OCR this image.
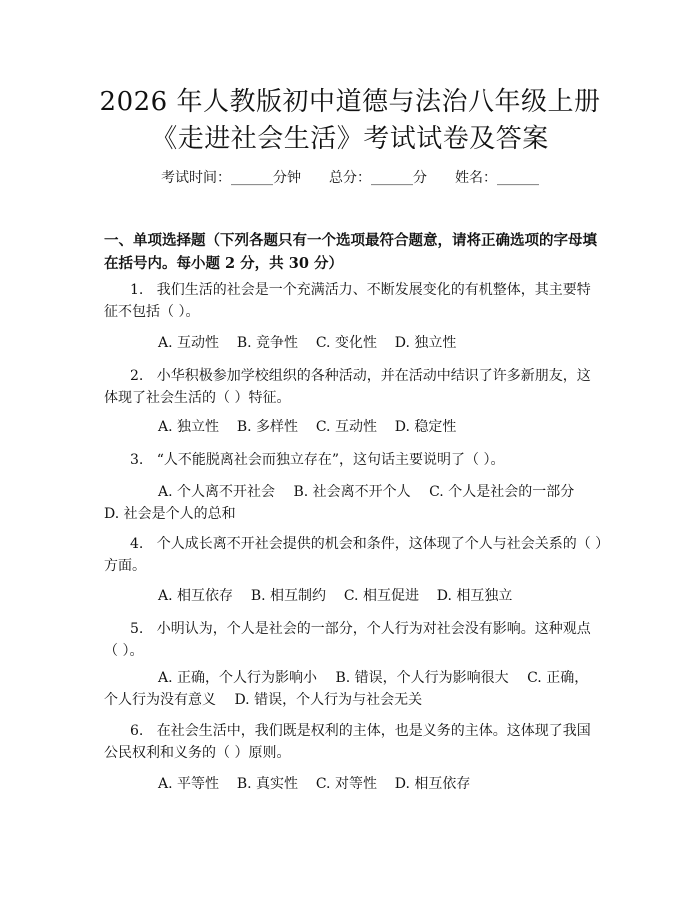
2026 年人教版初中道德与法治八年级上册
《走进社会生活》考试试卷及答案
考试时间：______分钟 总分：______分 姓名：______
一、单项选择题（下列各题只有一个选项最符合题意，请将正确选项的字母填在括号内。每小题 2 分，共 30 分）
1. 我们生活的社会是一个充满活力、不断发展变化的有机整体，其主要特征不包括（ ）。
A. 互动性 B. 竞争性 C. 变化性 D. 独立性
2. 小华积极参加学校组织的各种活动，并在活动中结识了许多新朋友，这体现了社会生活的（ ）特征。
A. 独立性 B. 多样性 C. 互动性 D. 稳定性
3. “人不能脱离社会而独立存在”，这句话主要说明了（ ）。
A. 个人离不开社会　 B. 社会离不开个人　 C. 个人是社会的一部分
D. 社会是个人的总和
4. 个人成长离不开社会提供的机会和条件，这体现了个人与社会关系的（ ）方面。
A. 相互依存 B. 相互制约 C. 相互促进 D. 相互独立
5. 小明认为，个人是社会的一部分，个人行为对社会没有影响。这种观点（ ）。
A. 正确，个人行为影响小　 B. 错误，个人行为影响很大　 C. 正确，
个人行为没有意义　 D. 错误，个人行为与社会无关
6. 在社会生活中，我们既是权利的主体，也是义务的主体。这体现了我国公民权利和义务的（ ）原则。
A. 平等性 B. 真实性 C. 对等性 D. 相互依存
